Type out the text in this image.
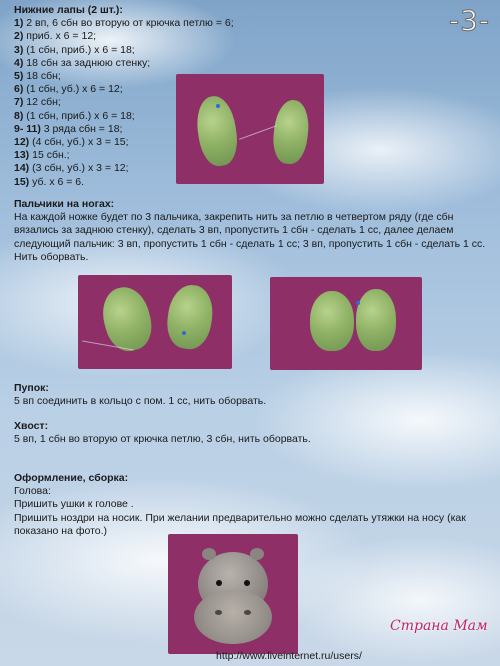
-3-
Нижние лапы (2 шт.):
1) 2 вп, 6 сбн во вторую от крючка петлю = 6;
2) приб. х 6 = 12;
3) (1 сбн, приб.) х 6 = 18;
4) 18 сбн за заднюю стенку;
5) 18 сбн;
6) (1 сбн, уб.) х 6 = 12;
7) 12 сбн;
8) (1 сбн, приб.) х 6 = 18;
9- 11) 3 ряда сбн = 18;
12) (4 сбн, уб.) х 3 = 15;
13) 15 сбн.;
14) (3 сбн, уб.) х 3 = 12;
15) уб. х 6 = 6.
Пальчики на ногах:
На каждой ножке будет по 3 пальчика, закрепить нить за петлю в четвертом ряду (где сбн вязались за заднюю стенку), сделать 3 вп, пропустить 1 сбн - сделать 1 сс, далее делаем следующий пальчик: 3 вп, пропустить 1 сбн - сделать 1 сс; 3 вп, пропустить 1 сбн - сделать 1 сс. Нить оборвать.
Пупок:
5 вп соединить в кольцо с пом. 1 сс, нить оборвать.
Хвост:
5 вп, 1 сбн во вторую от крючка петлю, 3 сбн, нить оборвать.
Оформление, сборка:
Голова:
Пришить ушки к голове .
Пришить ноздри на носик. При желании предварительно можно сделать утяжки на носу (как показано на фото.)
http://www.liveinternet.ru/users/
Страна Мам
